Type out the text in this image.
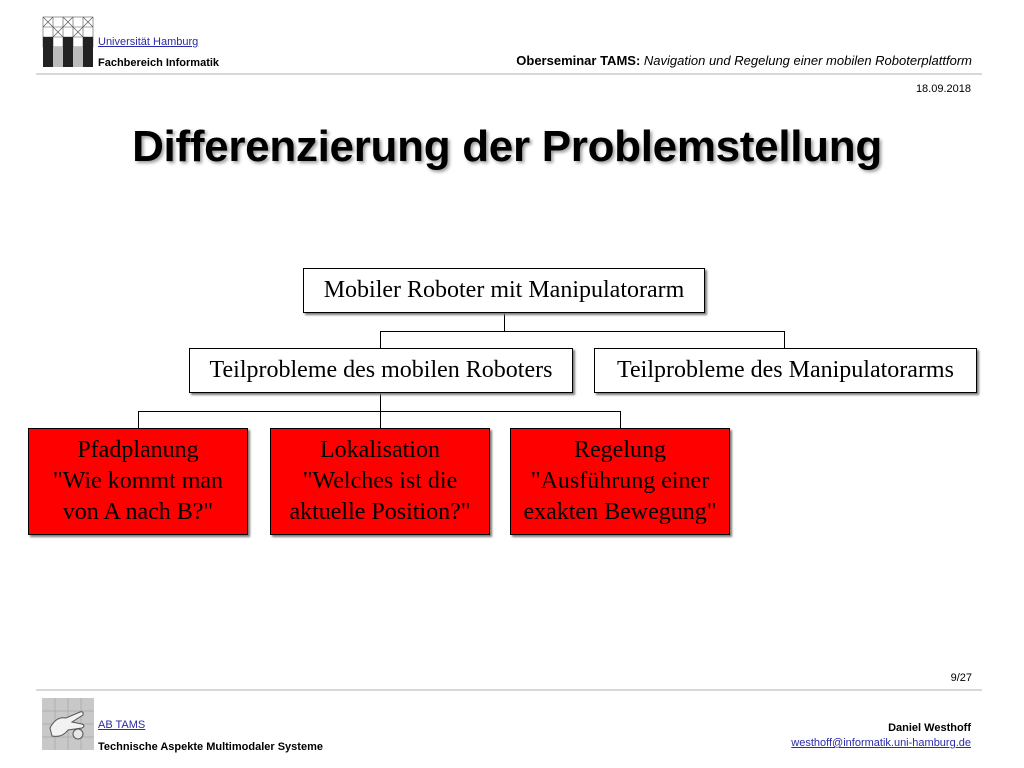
Universität Hamburg
Fachbereich Informatik	Oberseminar TAMS: Navigation und Regelung einer mobilen Roboterplattform
18.09.2018
Differenzierung der Problemstellung
Mobiler Roboter mit Manipulatorarm
Teilprobleme des mobilen Roboters	Teilprobleme des Manipulatorarms
Pfadplanung
"Wie kommt man
von A nach B?"
Lokalisation
"Welches ist die
aktuelle Position?"
Regelung
"Ausführung einer
exakten Bewegung"
9/27
AB TAMS
Technische Aspekte Multimodaler Systeme
Daniel Westhoff
westhoff@informatik.uni-hamburg.de
